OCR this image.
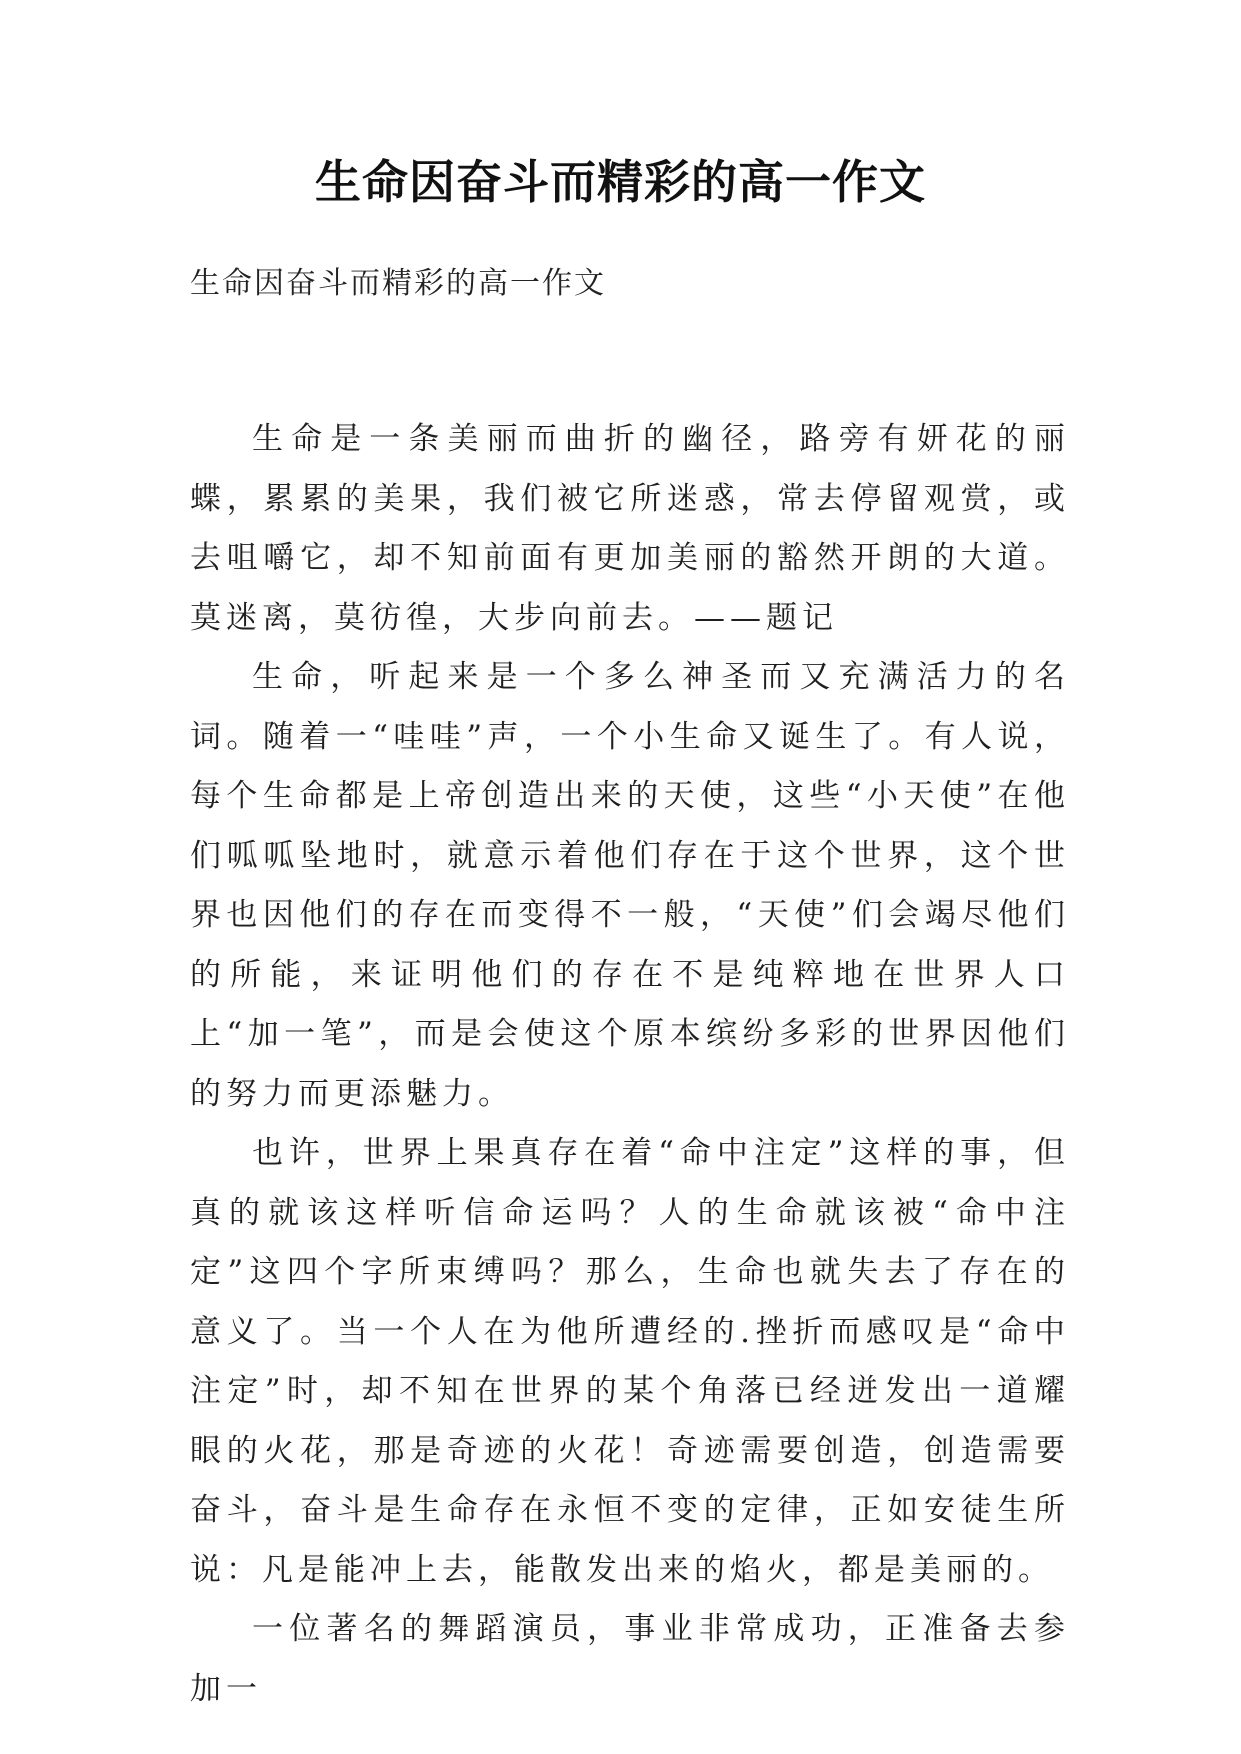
生命因奋斗而精彩的高一作文

生命因奋斗而精彩的高一作文

生命是一条美丽而曲折的幽径，路旁有妍花的丽蝶，累累的美果，我们被它所迷惑，常去停留观赏，或去咀嚼它，却不知前面有更加美丽的豁然开朗的大道。莫迷离，莫彷徨，大步向前去。——题记

生命，听起来是一个多么神圣而又充满活力的名词。随着一“哇哇”声，一个小生命又诞生了。有人说，每个生命都是上帝创造出来的天使，这些“小天使”在他们呱呱坠地时，就意示着他们存在于这个世界，这个世界也因他们的存在而变得不一般，“天使”们会竭尽他们的所能，来证明他们的存在不是纯粹地在世界人口上“加一笔”，而是会使这个原本缤纷多彩的世界因他们的努力而更添魅力。

也许，世界上果真存在着“命中注定”这样的事，但真的就该这样听信命运吗？人的生命就该被“命中注定”这四个字所束缚吗？那么，生命也就失去了存在的意义了。当一个人在为他所遭经的.挫折而感叹是“命中注定”时，却不知在世界的某个角落已经迸发出一道耀眼的火花，那是奇迹的火花！奇迹需要创造，创造需要奋斗，奋斗是生命存在永恒不变的定律，正如安徒生所说：凡是能冲上去，能散发出来的焰火，都是美丽的。

一位著名的舞蹈演员，事业非常成功，正准备去参加一
